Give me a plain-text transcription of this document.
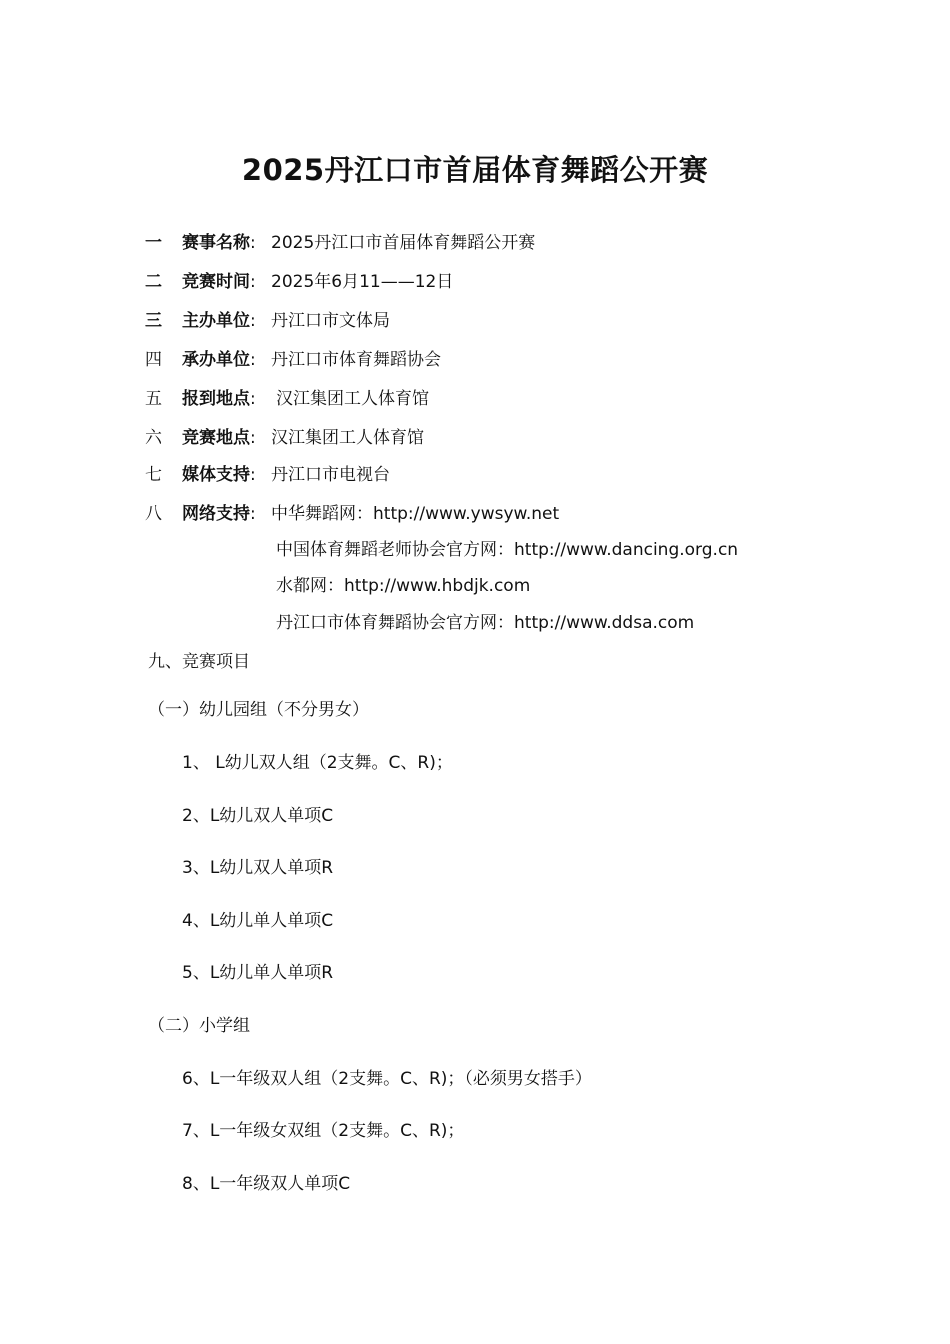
2025丹江口市首届体育舞蹈公开赛
一 赛事名称: 2025丹江口市首届体育舞蹈公开赛
二 竞赛时间: 2025年6月11——12日
三 主办单位: 丹江口市文体局
四 承办单位: 丹江口市体育舞蹈协会
五 报到地点: 汉江集团工人体育馆
六 竞赛地点: 汉江集团工人体育馆
七 媒体支持: 丹江口市电视台
八 网络支持: 中华舞蹈网：http://www.ywsyw.net
中国体育舞蹈老师协会官方网：http://www.dancing.org.cn
水都网：http://www.hbdjk.com
丹江口市体育舞蹈协会官方网：http://www.ddsa.com
九、竞赛项目
（一）幼儿园组（不分男女）
1、 L幼儿双人组（2支舞。C、R)；
2、L幼儿双人单项C
3、L幼儿双人单项R
4、L幼儿单人单项C
5、L幼儿单人单项R
（二）小学组
6、L一年级双人组（2支舞。C、R)；（必须男女搭手）
7、L一年级女双组（2支舞。C、R)；
8、L一年级双人单项C
